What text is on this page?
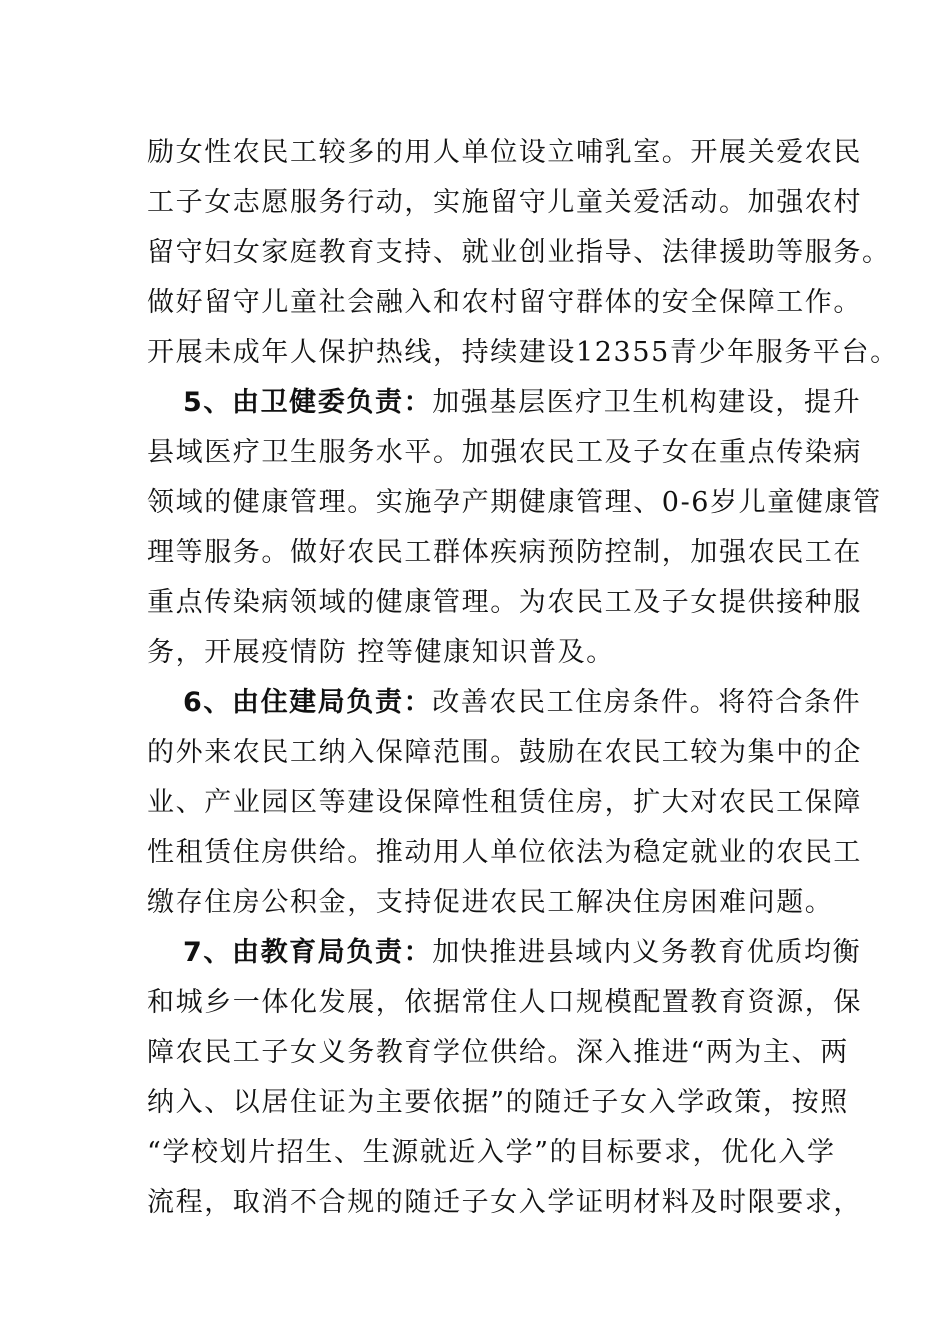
励女性农民工较多的用人单位设立哺乳室。开展关爱农民
工子女志愿服务行动，实施留守儿童关爱活动。加强农村
留守妇女家庭教育支持、就业创业指导、法律援助等服务。
做好留守儿童社会融入和农村留守群体的安全保障工作。
开展未成年人保护热线，持续建设12355青少年服务平台。
5、由卫健委负责：加强基层医疗卫生机构建设，提升
县域医疗卫生服务水平。加强农民工及子女在重点传染病
领域的健康管理。实施孕产期健康管理、0-6岁儿童健康管
理等服务。做好农民工群体疾病预防控制，加强农民工在
重点传染病领域的健康管理。为农民工及子女提供接种服
务，开展疫情防 控等健康知识普及。
6、由住建局负责：改善农民工住房条件。将符合条件
的外来农民工纳入保障范围。鼓励在农民工较为集中的企
业、产业园区等建设保障性租赁住房，扩大对农民工保障
性租赁住房供给。推动用人单位依法为稳定就业的农民工
缴存住房公积金，支持促进农民工解决住房困难问题。
7、由教育局负责：加快推进县域内义务教育优质均衡
和城乡一体化发展，依据常住人口规模配置教育资源，保
障农民工子女义务教育学位供给。深入推进“两为主、两
纳入、以居住证为主要依据”的随迁子女入学政策，按照
“学校划片招生、生源就近入学”的目标要求，优化入学
流程，取消不合规的随迁子女入学证明材料及时限要求，
